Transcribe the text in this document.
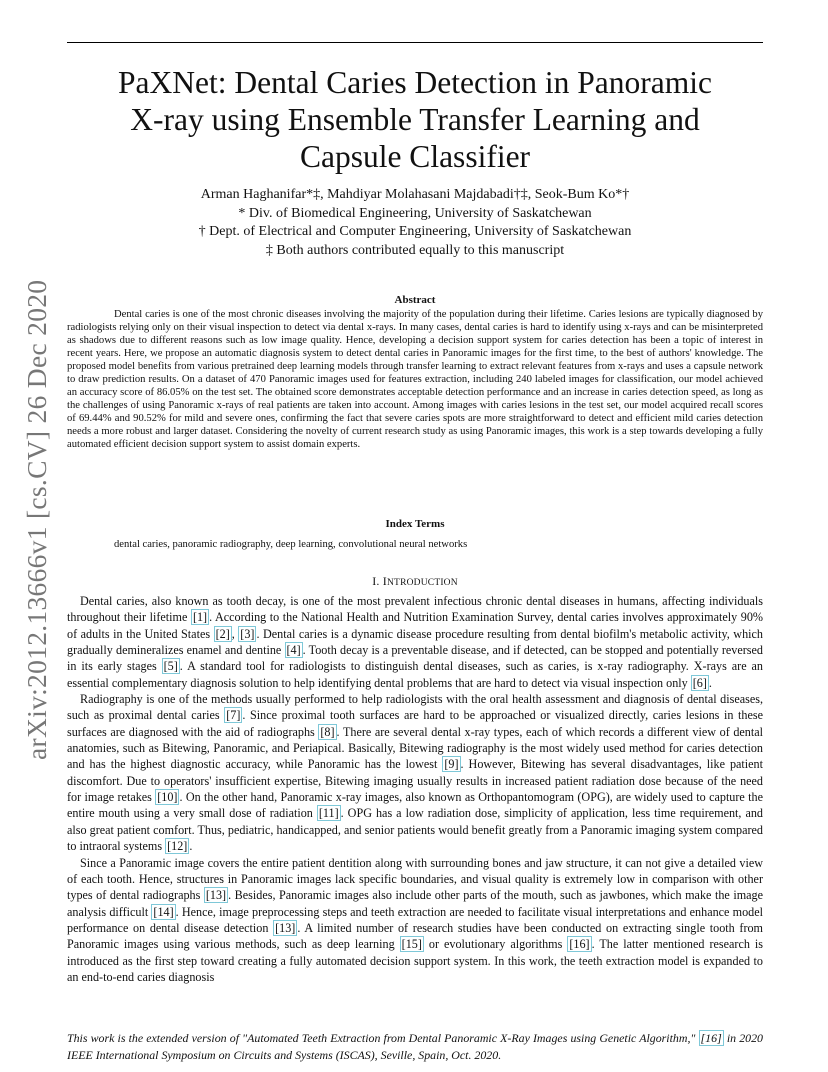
arXiv:2012.13666v1 [cs.CV] 26 Dec 2020
PaXNet: Dental Caries Detection in Panoramic
X-ray using Ensemble Transfer Learning and
Capsule Classifier
Arman Haghanifar*‡, Mahdiyar Molahasani Majdabadi†‡, Seok-Bum Ko*†
* Div. of Biomedical Engineering, University of Saskatchewan
† Dept. of Electrical and Computer Engineering, University of Saskatchewan
‡ Both authors contributed equally to this manuscript
Abstract

Dental caries is one of the most chronic diseases involving the majority of the population during their lifetime. Caries lesions are typically diagnosed by radiologists relying only on their visual inspection to detect via dental x-rays. In many cases, dental caries is hard to identify using x-rays and can be misinterpreted as shadows due to different reasons such as low image quality. Hence, developing a decision support system for caries detection has been a topic of interest in recent years. Here, we propose an automatic diagnosis system to detect dental caries in Panoramic images for the first time, to the best of authors' knowledge. The proposed model benefits from various pretrained deep learning models through transfer learning to extract relevant features from x-rays and uses a capsule network to draw prediction results. On a dataset of 470 Panoramic images used for features extraction, including 240 labeled images for classification, our model achieved an accuracy score of 86.05% on the test set. The obtained score demonstrates acceptable detection performance and an increase in caries detection speed, as long as the challenges of using Panoramic x-rays of real patients are taken into account. Among images with caries lesions in the test set, our model acquired recall scores of 69.44% and 90.52% for mild and severe ones, confirming the fact that severe caries spots are more straightforward to detect and efficient mild caries detection needs a more robust and larger dataset. Considering the novelty of current research study as using Panoramic images, this work is a step towards developing a fully automated efficient decision support system to assist domain experts.

Index Terms
dental caries, panoramic radiography, deep learning, convolutional neural networks
I. INTRODUCTION

Dental caries, also known as tooth decay, is one of the most prevalent infectious chronic dental diseases in humans, affecting individuals throughout their lifetime [1] . According to the National Health and Nutrition Examination Survey, dental caries involves approximately 90% of adults in the United States [2] , [3] . Dental caries is a dynamic disease procedure resulting from dental biofilm's metabolic activity, which gradually demineralizes enamel and dentine [4] . Tooth decay is a preventable disease, and if detected, can be stopped and potentially reversed in its early stages [5] . A standard tool for radiologists to distinguish dental diseases, such as caries, is x-ray radiography. X-rays are an essential complementary diagnosis solution to help identifying dental problems that are hard to detect via visual inspection only [6] .

Radiography is one of the methods usually performed to help radiologists with the oral health assessment and diagnosis of dental diseases, such as proximal dental caries [7] . Since proximal tooth surfaces are hard to be approached or visualized directly, caries lesions in these surfaces are diagnosed with the aid of radiographs [8] . There are several dental x-ray types, each of which records a different view of dental anatomies, such as Bitewing, Panoramic, and Periapical. Basically, Bitewing radiography is the most widely used method for caries detection and has the highest diagnostic accuracy, while Panoramic has the lowest [9] . However, Bitewing has several disadvantages, like patient discomfort. Due to operators' insufficient expertise, Bitewing imaging usually results in increased patient radiation dose because of the need for image retakes [10] . On the other hand, Panoramic x-ray images, also known as Orthopantomogram (OPG), are widely used to capture the entire mouth using a very small dose of radiation [11] . OPG has a low radiation dose, simplicity of application, less time requirement, and also great patient comfort. Thus, pediatric, handicapped, and senior patients would benefit greatly from a Panoramic imaging system compared to intraoral systems [12] .

Since a Panoramic image covers the entire patient dentition along with surrounding bones and jaw structure, it can not give a detailed view of each tooth. Hence, structures in Panoramic images lack specific boundaries, and visual quality is extremely low in comparison with other types of dental radiographs [13] . Besides, Panoramic images also include other parts of the mouth, such as jawbones, which make the image analysis difficult [14] . Hence, image preprocessing steps and teeth extraction are needed to facilitate visual interpretations and enhance model performance on dental disease detection [13] . A limited number of research studies have been conducted on extracting single tooth from Panoramic images using various methods, such as deep learning [15] or evolutionary algorithms [16] . The latter mentioned research is introduced as the first step toward creating a fully automated decision support system. In this work, the teeth extraction model is expanded to an end-to-end caries diagnosis

This work is the extended version of "Automated Teeth Extraction from Dental Panoramic X-Ray Images using Genetic Algorithm," [16] in 2020 IEEE International Symposium on Circuits and Systems (ISCAS), Seville, Spain, Oct. 2020.
